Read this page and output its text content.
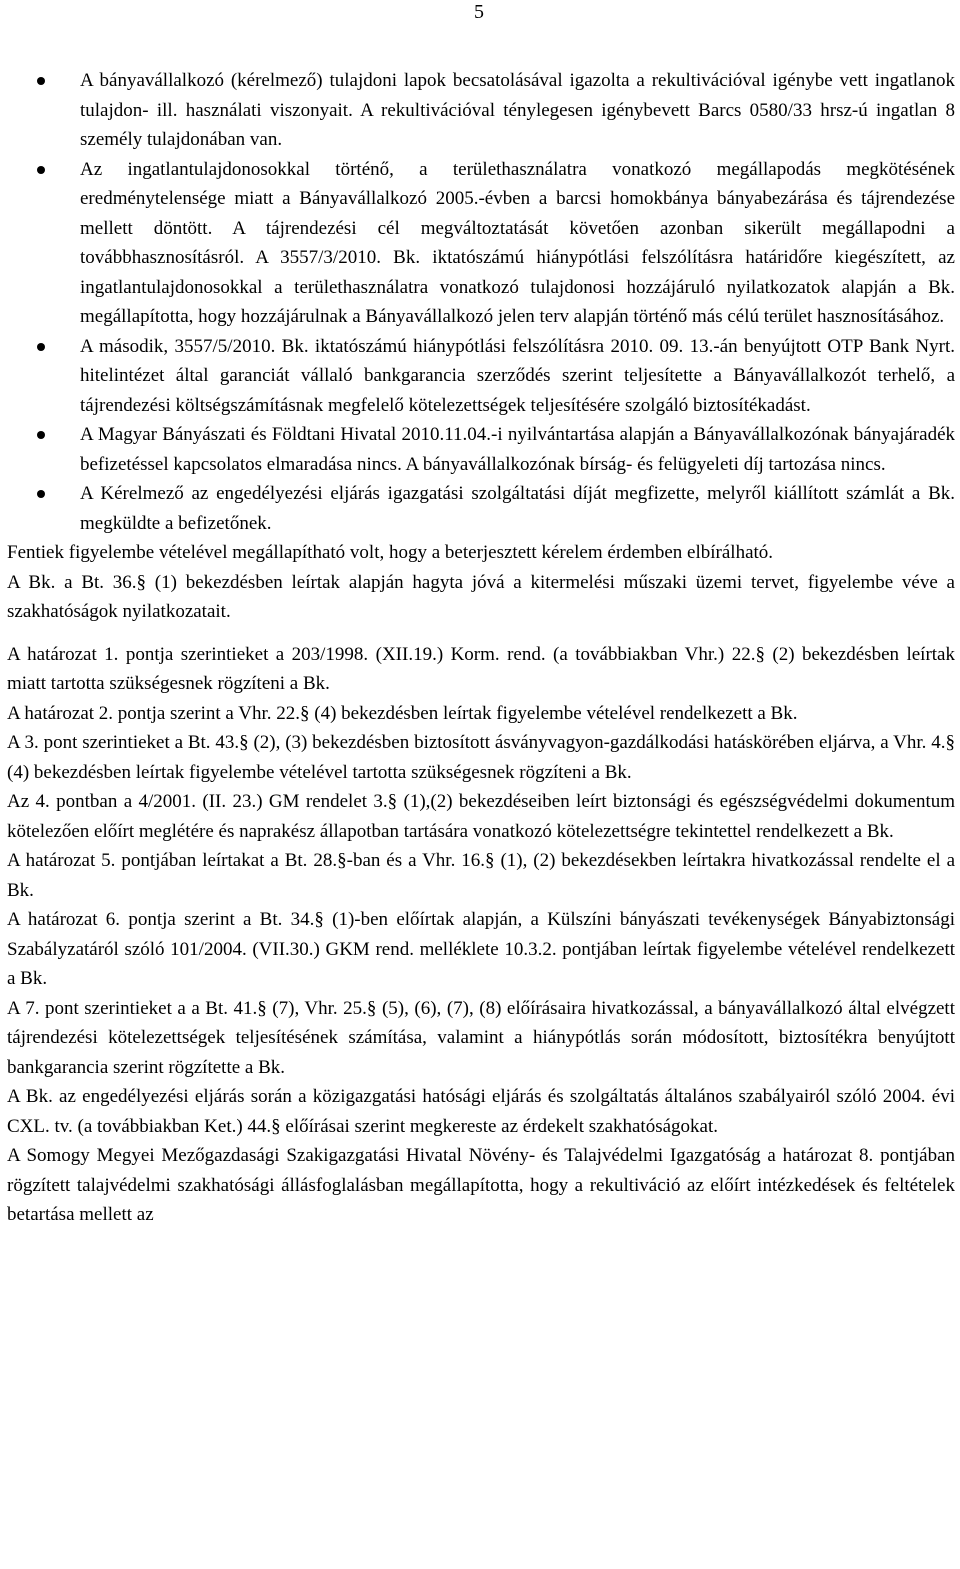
5
A bányavállalkozó (kérelmező) tulajdoni lapok becsatolásával igazolta a rekultivációval igénybe vett ingatlanok tulajdon- ill. használati viszonyait. A rekultivációval ténylegesen igénybevett Barcs 0580/33 hrsz-ú ingatlan 8 személy tulajdonában van.
Az ingatlantulajdonosokkal történő, a területhasználatra vonatkozó megállapodás megkötésének eredménytelensége miatt a Bányavállalkozó 2005.-évben a barcsi homokbánya bányabezárása és tájrendezése mellett döntött. A tájrendezési cél megváltoztatását követően azonban sikerült megállapodni a továbbhasznosításról. A 3557/3/2010. Bk. iktatószámú hiánypótlási felszólításra határidőre kiegészített, az ingatlantulajdonosokkal a területhasználatra vonatkozó tulajdonosi hozzájáruló nyilatkozatok alapján a Bk. megállapította, hogy hozzájárulnak a Bányavállalkozó jelen terv alapján történő más célú terület hasznosításához.
A második, 3557/5/2010. Bk. iktatószámú hiánypótlási felszólításra 2010. 09. 13.-án benyújtott OTP Bank Nyrt. hitelintézet által garanciát vállaló bankgarancia szerződés szerint teljesítette a Bányavállalkozót terhelő, a tájrendezési költségszámításnak megfelelő kötelezettségek teljesítésére szolgáló biztosítékadást.
A Magyar Bányászati és Földtani Hivatal 2010.11.04.-i nyilvántartása alapján a Bányavállalkozónak bányajáradék befizetéssel kapcsolatos elmaradása nincs. A bányavállalkozónak bírság- és felügyeleti díj tartozása nincs.
A Kérelmező az engedélyezési eljárás igazgatási szolgáltatási díját megfizette, melyről kiállított számlát a Bk. megküldte a befizetőnek.

Fentiek figyelembe vételével megállapítható volt, hogy a beterjesztett kérelem érdemben elbírálható.

A Bk. a Bt. 36.§ (1) bekezdésben leírtak alapján hagyta jóvá a kitermelési műszaki üzemi tervet, figyelembe véve a szakhatóságok nyilatkozatait.

A határozat 1. pontja szerintieket a 203/1998. (XII.19.) Korm. rend. (a továbbiakban Vhr.) 22.§ (2) bekezdésben leírtak miatt tartotta szükségesnek rögzíteni a Bk.

A határozat 2. pontja szerint a Vhr. 22.§ (4) bekezdésben leírtak figyelembe vételével rendelkezett a Bk.

A 3. pont szerintieket a Bt. 43.§ (2), (3) bekezdésben biztosított ásványvagyon-gazdálkodási hatáskörében eljárva, a Vhr. 4.§ (4) bekezdésben leírtak figyelembe vételével tartotta szükségesnek rögzíteni a Bk.

Az 4. pontban a 4/2001. (II. 23.) GM rendelet 3.§ (1),(2) bekezdéseiben leírt biztonsági és egészségvédelmi dokumentum kötelezően előírt meglétére és naprakész állapotban tartására vonatkozó kötelezettségre tekintettel rendelkezett a Bk.

A határozat 5. pontjában leírtakat a Bt. 28.§-ban és a Vhr. 16.§ (1), (2) bekezdésekben leírtakra hivatkozással rendelte el a Bk.

A határozat 6. pontja szerint a Bt. 34.§ (1)-ben előírtak alapján, a Külszíni bányászati tevékenységek Bányabiztonsági Szabályzatáról szóló 101/2004. (VII.30.) GKM rend. melléklete 10.3.2. pontjában leírtak figyelembe vételével rendelkezett a Bk.

A 7. pont szerintieket a a Bt. 41.§ (7), Vhr. 25.§ (5), (6), (7), (8) előírásaira hivatkozással, a bányavállalkozó által elvégzett tájrendezési kötelezettségek teljesítésének számítása, valamint a hiánypótlás során módosított, biztosítékra benyújtott bankgarancia szerint rögzítette a Bk.

A Bk. az engedélyezési eljárás során a közigazgatási hatósági eljárás és szolgáltatás általános szabályairól szóló 2004. évi CXL. tv. (a továbbiakban Ket.) 44.§ előírásai szerint megkereste az érdekelt szakhatóságokat.

A Somogy Megyei Mezőgazdasági Szakigazgatási Hivatal Növény- és Talajvédelmi Igazgatóság a határozat 8. pontjában rögzített talajvédelmi szakhatósági állásfoglalásban megállapította, hogy a rekultiváció az előírt intézkedések és feltételek betartása mellett az
